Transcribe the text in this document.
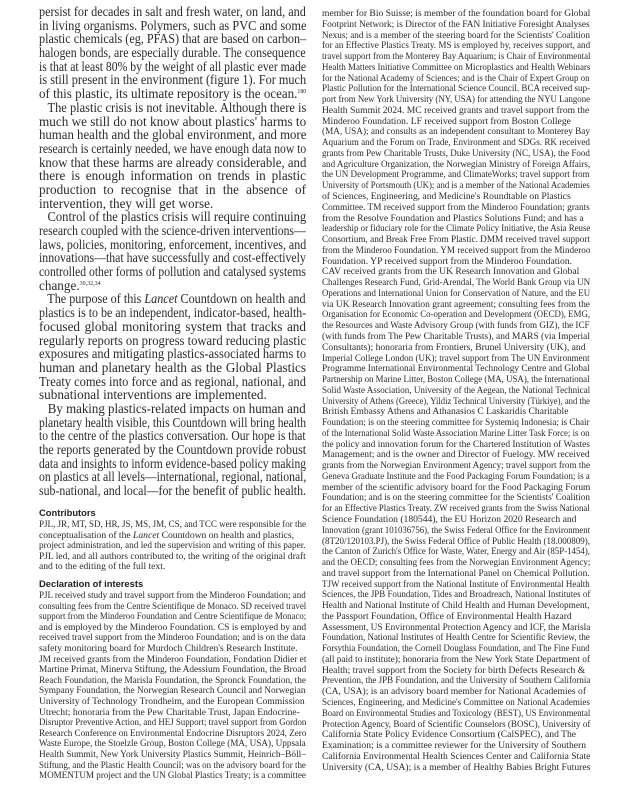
persist for decades in salt and fresh water, on land, and
in living organisms. Polymers, such as PVC and some
plastic chemicals (eg, PFAS) that are based on carbon–
halogen bonds, are especially durable. The consequence
is that at least 80% by the weight of all plastic ever made
is still present in the environment (figure 1). For much
of this plastic, its ultimate repository is the ocean.$^{180}$
The plastic crisis is not inevitable. Although there is
much we still do not know about plastics' harms to
human health and the global environment, and more
research is certainly needed, we have enough data now to
know that these harms are already considerable, and
there is enough information on trends in plastic
production to recognise that in the absence of
intervention, they will get worse.
Control of the plastics crisis will require continuing
research coupled with the science-driven interventions—
laws, policies, monitoring, enforcement, incentives, and
innovations—that have successfully and cost-effectively
controlled other forms of pollution and catalysed systems
change.$^{30,32,34}$
The purpose of this Lancet Countdown on health and
plastics is to be an independent, indicator-based, health-
focused global monitoring system that tracks and
regularly reports on progress toward reducing plastic
exposures and mitigating plastics-associated harms to
human and planetary health as the Global Plastics
Treaty comes into force and as regional, national, and
subnational interventions are implemented.
By making plastics-related impacts on human and
planetary health visible, this Countdown will bring health
to the centre of the plastics conversation. Our hope is that
the reports generated by the Countdown provide robust
data and insights to inform evidence-based policy making
on plastics at all levels—international, regional, national,
sub-national, and local—for the benefit of public health.
Contributors
PJL, JR, MT, SD, HR, JS, MS, JM, CS, and TCC were responsible for the
conceptualisation of the Lancet Countdown on health and plastics,
project administration, and led the supervision and writing of this paper.
PJL led, and all authors contributed to, the writing of the original draft
and to the editing of the full text.
Declaration of interests
PJL received study and travel support from the Minderoo Foundation; and
consulting fees from the Centre Scientifique de Monaco. SD received travel
support from the Minderoo Foundation and Centre Scientifique de Monaco;
and is employed by the Minderoo Foundation. CS is employed by and
received travel support from the Minderoo Foundation; and is on the data
safety monitoring board for Murdoch Children's Research Institute.
JM received grants from the Minderoo Foundation, Fondation Didier et
Martine Primat, Minerva Stiftung, the Adessium Foundation, the Broad
Reach Foundation, the Marisla Foundation, the Spronck Foundation, the
Sympany Foundation, the Norwegian Research Council and Norwegian
University of Technology Trondheim, and the European Commission
Utrecht; honoraria from the Pew Charitable Trust, Japan Endocrine-
Disruptor Preventive Action, and HEJ Support; travel support from Gordon
Research Conference on Environmental Endocrine Disruptors 2024, Zero
Waste Europe, the Stoelzle Group, Boston College (MA, USA), Uppsala
Health Summit, New York University Plastics Summit, Heinrich–Böll–
Stiftung, and the Plastic Health Council; was on the advisory board for the
MOMENTUM project and the UN Global Plastics Treaty; is a committee
member for Bio Suisse; is member of the foundation board for Global
Footprint Network; is Director of the FAN Initiative Foresight Analyses
Nexus; and is a member of the steering board for the Scientists' Coalition
for an Effective Plastics Treaty. MS is employed by, receives support, and
travel support from the Monterey Bay Aquarium; is Chair of Environmental
Health Matters Initiative Committee on Microplastics and Health Webinars
for the National Academy of Sciences; and is the Chair of Expert Group on
Plastic Pollution for the International Science Council. BCA received sup-
port from New York University (NY, USA) for attending the NYU Langone
Health Summit 2024. MC received grants and travel support from the
Minderoo Foundation. LF received support from Boston College
(MA, USA); and consults as an independent consultant to Monterey Bay
Aquarium and the Forum on Trade, Environment and SDGs. RK received
grants from Pew Charitable Trusts, Duke University (NC, USA), the Food
and Agriculture Organization, the Norwegian Ministry of Foreign Affairs,
the UN Development Programme, and ClimateWorks; travel support from
University of Portsmouth (UK); and is a member of the National Academies
of Sciences, Engineering, and Medicine's Roundtable on Plastics
Committee. TM received support from the Minderoo Foundation; grants
from the Resolve Foundation and Plastics Solutions Fund; and has a
leadership or fiduciary role for the Climate Policy Initiative, the Asia Reuse
Consortium, and Break Free From Plastic. DMM received travel support
from the Minderoo Foundation. YM received support from the Minderoo
Foundation. YP received support from the Minderoo Foundation.
CAV received grants from the UK Research Innovation and Global
Challenges Research Fund, Grid-Arendal, The World Bank Group via UN
Operations and International Union for Conservation of Nature, and the EU
via UK Research Innovation grant agreement; consulting fees from the
Organisation for Economic Co-operation and Development (OECD), EMG,
the Resources and Waste Advisory Group (with funds from GIZ), the ICF
(with funds from The Pew Charitable Trusts), and MARS (via Imperial
Consultants); honoraria from Frontiers, Brunel University (UK), and
Imperial College London (UK); travel support from The UN Environment
Programme International Environmental Technology Centre and Global
Partnership on Marine Litter, Boston College (MA, USA), the International
Solid Waste Association, University of the Aegean, the National Technical
University of Athens (Greece), Yildiz Technical University (Türkiye), and the
British Embassy Athens and Athanasios C Laskaridis Charitable
Foundation; is on the steering committee for Systemiq Indonesia; is Chair
of the International Solid Waste Association Marine Litter Task Force; is on
the policy and innovation forum for the Chartered Institution of Wastes
Management; and is the owner and Director of Fuelogy. MW received
grants from the Norwegian Environment Agency; travel support from the
Geneva Graduate Institute and the Food Packaging Forum Foundation; is a
member of the scientific advisory board for the Food Packaging Forum
Foundation; and is on the steering committee for the Scientists' Coalition
for an Effective Plastics Treaty. ZW received grants from the Swiss National
Science Foundation (180544), the EU Horizon 2020 Research and
Innovation (grant 101036756), the Swiss Federal Office for the Environment
(8T20/120103.PJ), the Swiss Federal Office of Public Health (18.000809),
the Canton of Zurich's Office for Waste, Water, Energy and Air (85P-1454),
and the OECD; consulting fees from the Norwegian Environment Agency;
and travel support from the International Panel on Chemical Pollution.
TJW received support from the National Institute of Environmental Health
Sciences, the JPB Foundation, Tides and Broadreach, National Institutes of
Health and National Institute of Child Health and Human Development,
the Passport Foundation, Office of Environmental Health Hazard
Assessment, US Environmental Protection Agency and ICF, the Marisla
Foundation, National Institutes of Health Centre for Scientific Review, the
Forsythia Foundation, the Cornell Douglass Foundation, and The Fine Fund
(all paid to institute); honoraria from the New York State Department of
Health; travel support from the Society for birth Defects Research &
Prevention, the JPB Foundation, and the University of Southern California
(CA, USA); is an advisory board member for National Academies of
Sciences, Engineering, and Medicine's Committee on National Academies
Board on Environmental Studies and Toxicology (BEST), US Environmental
Protection Agency, Board of Scientific Counselors (BOSC), University of
California State Policy Evidence Consortium (CalSPEC), and The
Examination; is a committee reviewer for the University of Southern
California Environmental Health Sciences Center and California State
University (CA, USA); is a member of Healthy Babies Bright Futures
